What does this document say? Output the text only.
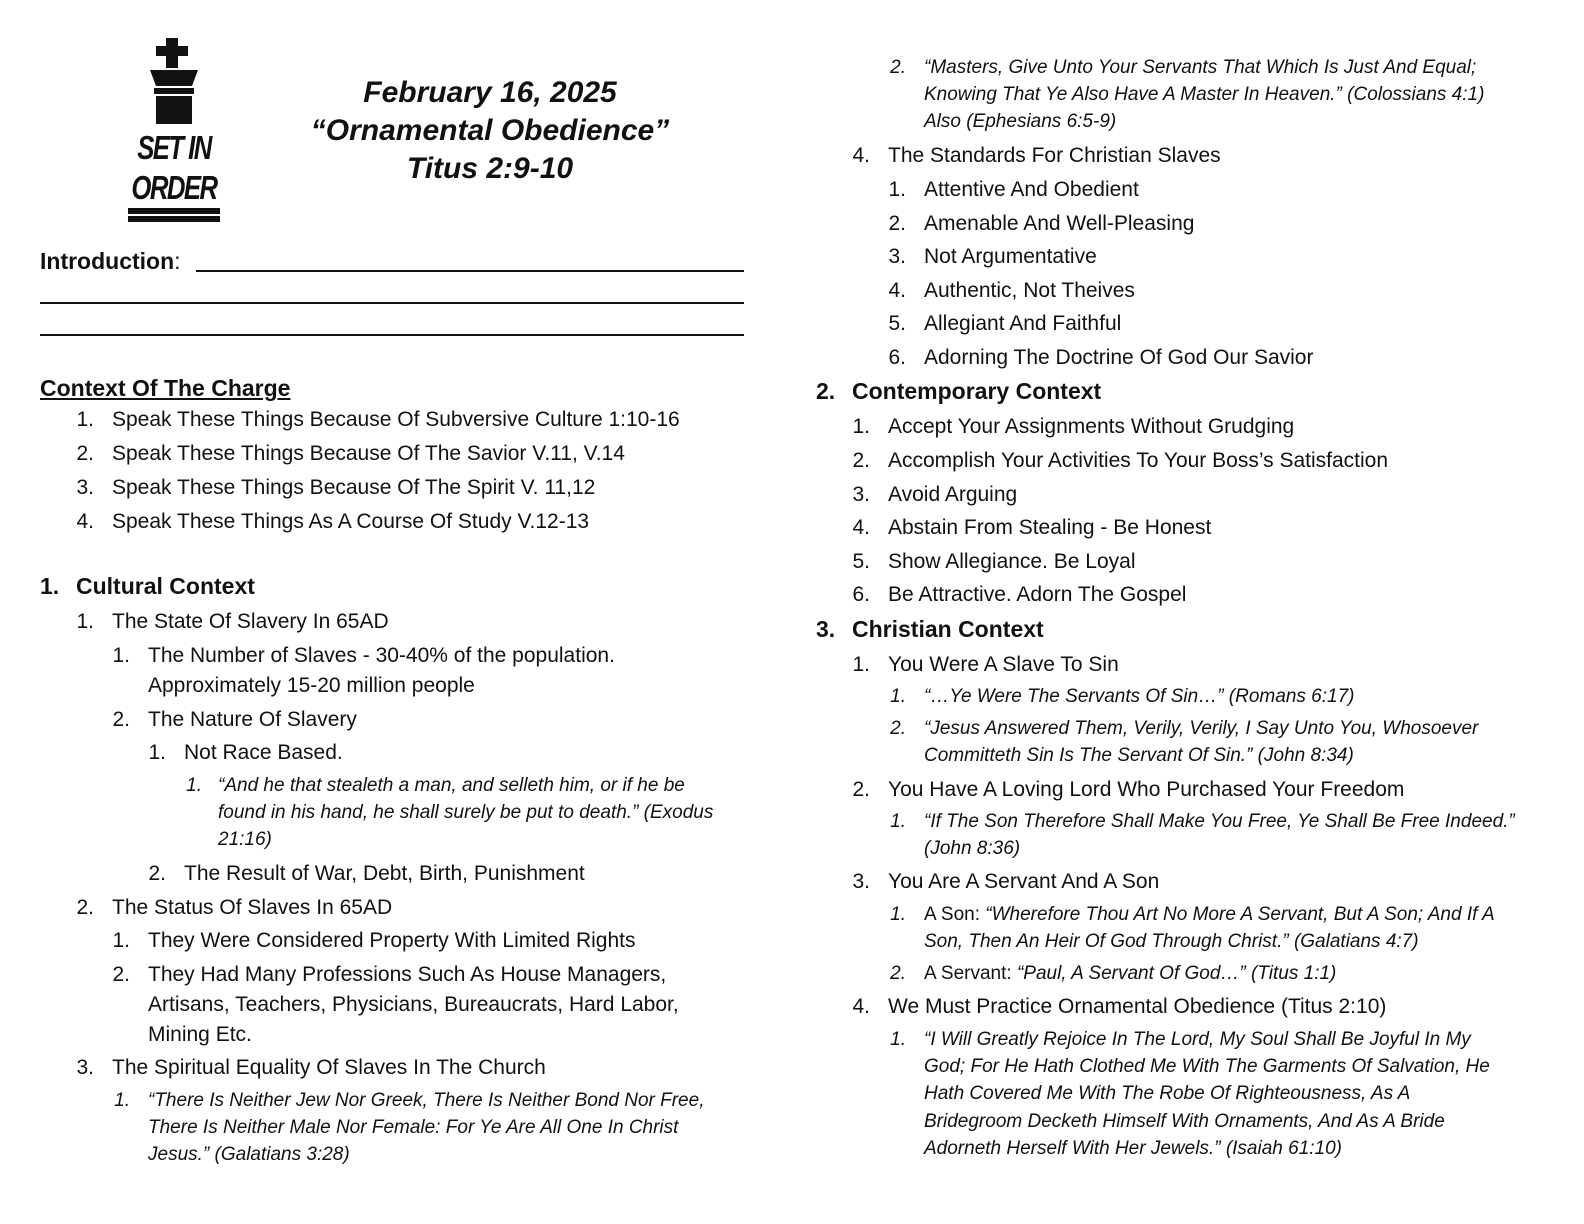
SET IN ORDER
February 16, 2025
“Ornamental Obedience”
Titus 2:9-10
Introduction:
Context Of The Charge
1. Speak These Things Because Of Subversive Culture 1:10-16
2. Speak These Things Because Of The Savior V.11, V.14
3. Speak These Things Because Of The Spirit V. 11,12
4. Speak These Things As A Course Of Study V.12-13
1. Cultural Context
1. The State Of Slavery In 65AD
1. The Number of Slaves - 30-40% of the population.
Approximately 15-20 million people
2. The Nature Of Slavery
1. Not Race Based.
1. “And he that stealeth a man, and selleth him, or if he be
found in his hand, he shall surely be put to death.” (Exodus
21:16)
2. The Result of War, Debt, Birth, Punishment
2. The Status Of Slaves In 65AD
1. They Were Considered Property With Limited Rights
2. They Had Many Professions Such As House Managers,
Artisans, Teachers, Physicians, Bureaucrats, Hard Labor,
Mining Etc.
3. The Spiritual Equality Of Slaves In The Church
1. “There Is Neither Jew Nor Greek, There Is Neither Bond Nor Free,
There Is Neither Male Nor Female: For Ye Are All One In Christ
Jesus.” (Galatians 3:28)
2. “Masters, Give Unto Your Servants That Which Is Just And Equal;
Knowing That Ye Also Have A Master In Heaven.” (Colossians 4:1)
Also (Ephesians 6:5-9)
4. The Standards For Christian Slaves
1. Attentive And Obedient
2. Amenable And Well-Pleasing
3. Not Argumentative
4. Authentic, Not Theives
5. Allegiant And Faithful
6. Adorning The Doctrine Of God Our Savior
2. Contemporary Context
1. Accept Your Assignments Without Grudging
2. Accomplish Your Activities To Your Boss’s Satisfaction
3. Avoid Arguing
4. Abstain From Stealing - Be Honest
5. Show Allegiance. Be Loyal
6. Be Attractive. Adorn The Gospel
3. Christian Context
1. You Were A Slave To Sin
1. “…Ye Were The Servants Of Sin…” (Romans 6:17)
2. “Jesus Answered Them, Verily, Verily, I Say Unto You, Whosoever
Committeth Sin Is The Servant Of Sin.” (John 8:34)
2. You Have A Loving Lord Who Purchased Your Freedom
1. “If The Son Therefore Shall Make You Free, Ye Shall Be Free Indeed.”
(John 8:36)
3. You Are A Servant And A Son
1. A Son: “Wherefore Thou Art No More A Servant, But A Son; And If A
Son, Then An Heir Of God Through Christ.” (Galatians 4:7)
2. A Servant: “Paul, A Servant Of God…” (Titus 1:1)
4. We Must Practice Ornamental Obedience (Titus 2:10)
1. “I Will Greatly Rejoice In The Lord, My Soul Shall Be Joyful In My
God; For He Hath Clothed Me With The Garments Of Salvation, He
Hath Covered Me With The Robe Of Righteousness, As A
Bridegroom Decketh Himself With Ornaments, And As A Bride
Adorneth Herself With Her Jewels.” (Isaiah 61:10)
